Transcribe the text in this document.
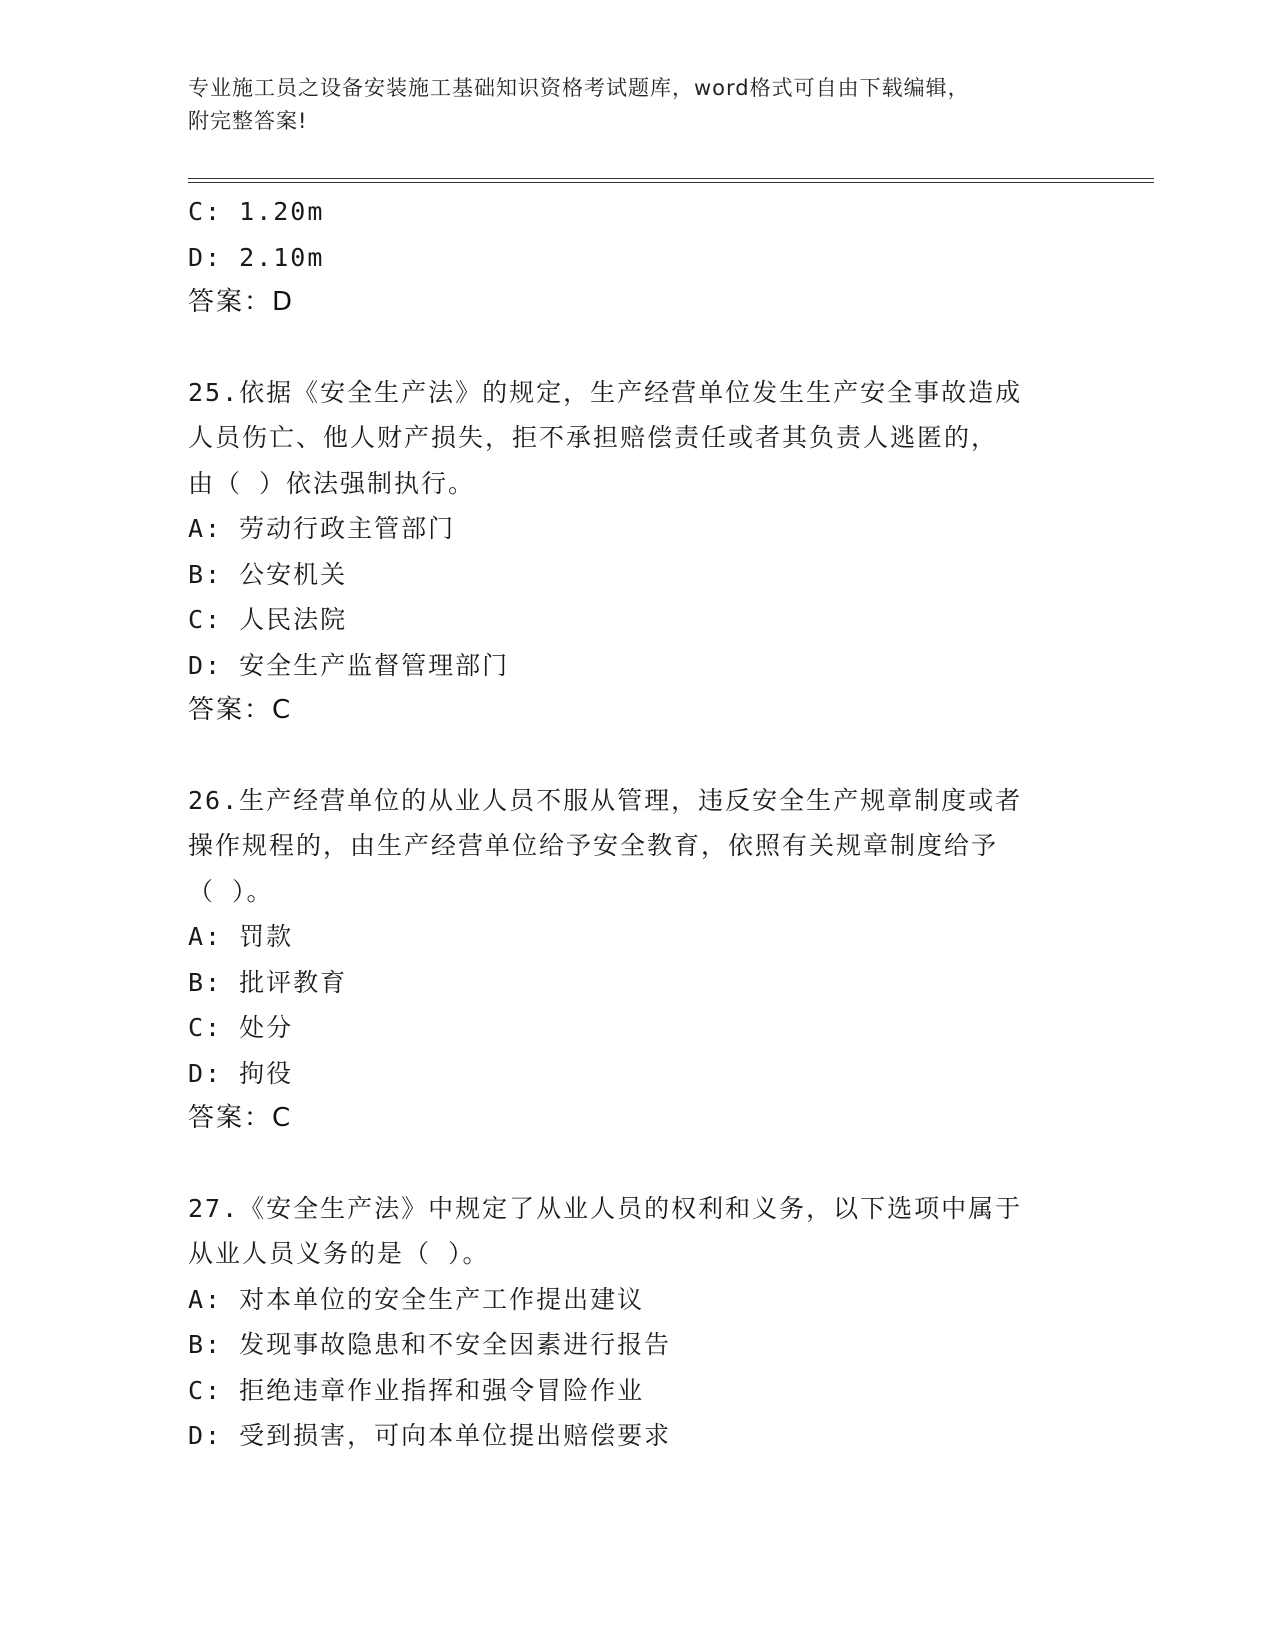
专业施工员之设备安装施工基础知识资格考试题库，word格式可自由下载编辑，
附完整答案!
C: 1.20m
D: 2.10m
答案：D
25.依据《安全生产法》的规定，生产经营单位发生生产安全事故造成
人员伤亡、他人财产损失，拒不承担赔偿责任或者其负责人逃匿的，
由（ ）依法强制执行。
A: 劳动行政主管部门
B: 公安机关
C: 人民法院
D: 安全生产监督管理部门
答案：C
26.生产经营单位的从业人员不服从管理，违反安全生产规章制度或者
操作规程的，由生产经营单位给予安全教育，依照有关规章制度给予
（ ）。
A: 罚款
B: 批评教育
C: 处分
D: 拘役
答案：C
27.《安全生产法》中规定了从业人员的权利和义务，以下选项中属于
从业人员义务的是（ ）。
A: 对本单位的安全生产工作提出建议
B: 发现事故隐患和不安全因素进行报告
C: 拒绝违章作业指挥和强令冒险作业
D: 受到损害，可向本单位提出赔偿要求
